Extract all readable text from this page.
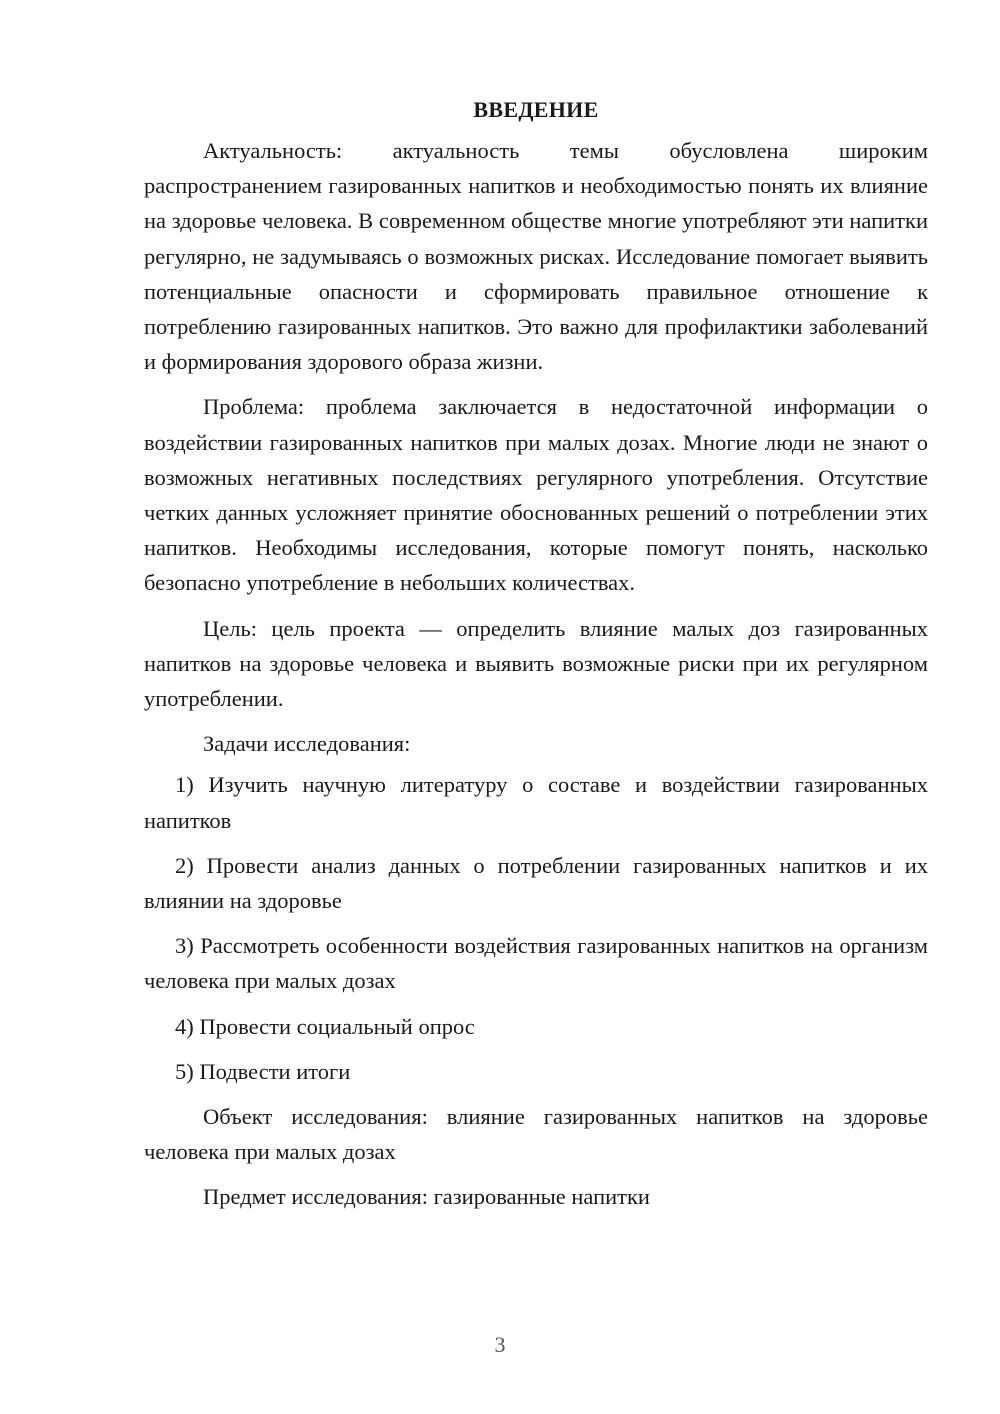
ВВЕДЕНИЕ

Актуальность: актуальность темы обусловлена широким распространением газированных напитков и необходимостью понять их влияние на здоровье человека. В современном обществе многие употребляют эти напитки регулярно, не задумываясь о возможных рисках. Исследование помогает выявить потенциальные опасности и сформировать правильное отношение к потреблению газированных напитков. Это важно для профилактики заболеваний и формирования здорового образа жизни.

Проблема: проблема заключается в недостаточной информации о воздействии газированных напитков при малых дозах. Многие люди не знают о возможных негативных последствиях регулярного употребления. Отсутствие четких данных усложняет принятие обоснованных решений о потреблении этих напитков. Необходимы исследования, которые помогут понять, насколько безопасно употребление в небольших количествах.

Цель: цель проекта — определить влияние малых доз газированных напитков на здоровье человека и выявить возможные риски при их регулярном употреблении.

Задачи исследования:

1) Изучить научную литературу о составе и воздействии газированных напитков

2) Провести анализ данных о потреблении газированных напитков и их влиянии на здоровье

3) Рассмотреть особенности воздействия газированных напитков на организм человека при малых дозах

4) Провести социальный опрос

5) Подвести итоги

Объект исследования: влияние газированных напитков на здоровье человека при малых дозах

Предмет исследования: газированные напитки

3
